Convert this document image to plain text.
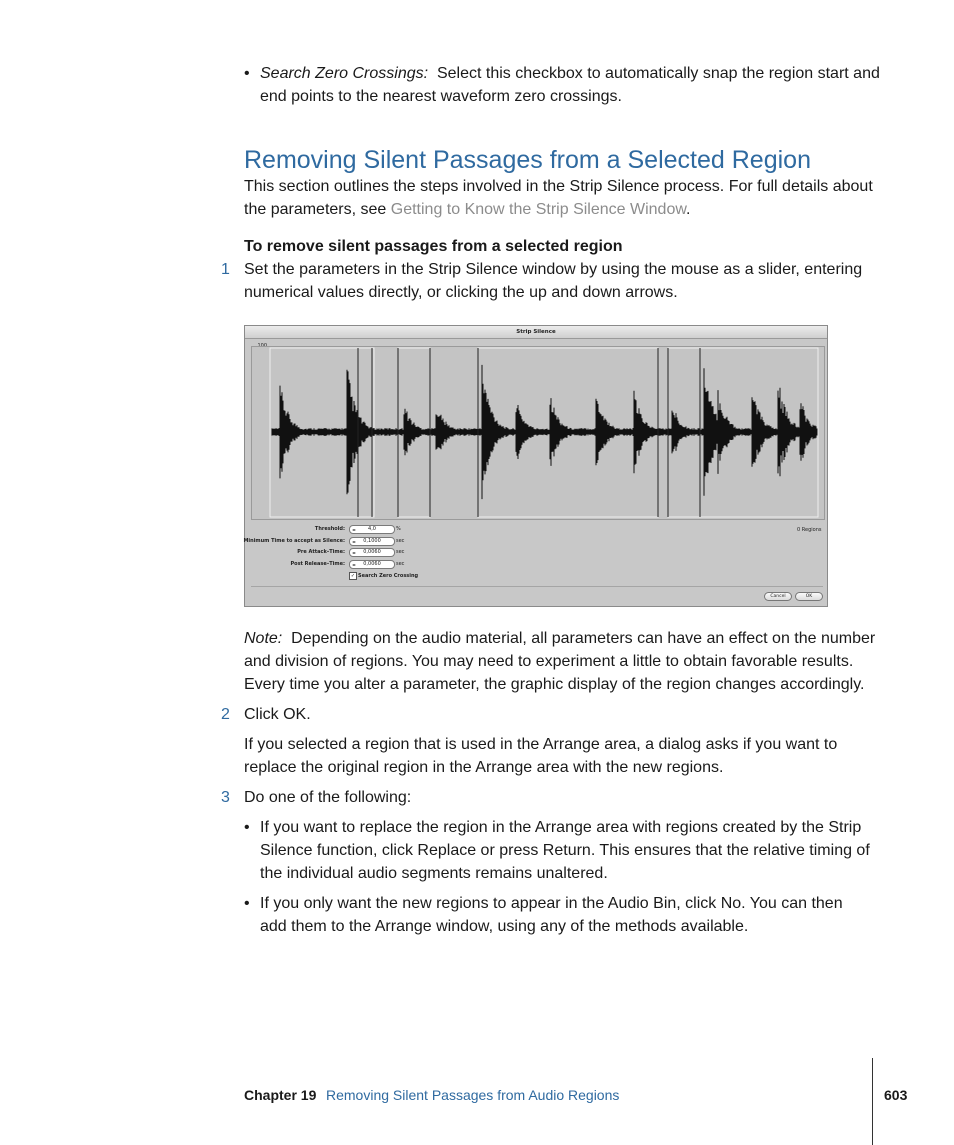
• Search Zero Crossings: Select this checkbox to automatically snap the region start and
end points to the nearest waveform zero crossings.
Removing Silent Passages from a Selected Region
This section outlines the steps involved in the Strip Silence process. For full details about
the parameters, see Getting to Know the Strip Silence Window.
To remove silent passages from a selected region
1 Set the parameters in the Strip Silence window by using the mouse as a slider, entering
numerical values directly, or clicking the up and down arrows.
Strip Silence
0 Regions
Threshold: ◂▸ 4,0	%
Minimum Time to accept as Silence: ◂▸ 0,1000	sec
Pre Attack–Time: ◂▸ 0,0060	sec
Post Release–Time: ◂▸ 0,0060	sec
✓ Search Zero Crossing
Cancel	OK
Note: Depending on the audio material, all parameters can have an effect on the number
and division of regions. You may need to experiment a little to obtain favorable results.
Every time you alter a parameter, the graphic display of the region changes accordingly.
2 Click OK.
If you selected a region that is used in the Arrange area, a dialog asks if you want to
replace the original region in the Arrange area with the new regions.
3 Do one of the following:
• If you want to replace the region in the Arrange area with regions created by the Strip
Silence function, click Replace or press Return. This ensures that the relative timing of
the individual audio segments remains unaltered.
• If you only want the new regions to appear in the Audio Bin, click No. You can then
add them to the Arrange window, using any of the methods available.
Chapter 19 Removing Silent Passages from Audio Regions	603
